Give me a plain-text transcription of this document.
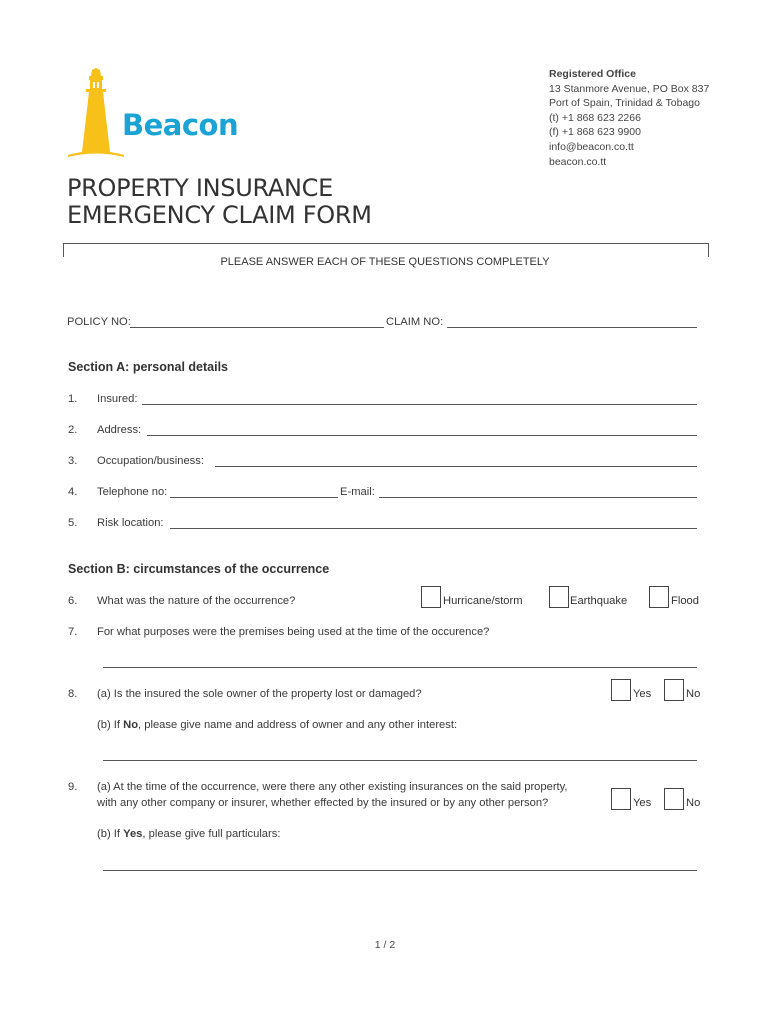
Beacon
Registered Office
13 Stanmore Avenue, PO Box 837
Port of Spain, Trinidad & Tobago
(t) +1 868 623 2266
(f) +1 868 623 9900
info@beacon.co.tt
beacon.co.tt
PROPERTY INSURANCE
EMERGENCY CLAIM FORM
PLEASE ANSWER EACH OF THESE QUESTIONS COMPLETELY
POLICY NO:	CLAIM NO:
Section A: personal details
1. Insured:
2. Address:
3. Occupation/business:
4. Telephone no:	E-mail:
5. Risk location:
Section B: circumstances of the occurrence
6. What was the nature of the occurrence?	Hurricane/storm	Earthquake	Flood
7. For what purposes were the premises being used at the time of the occurence?
8. (a) Is the insured the sole owner of the property lost or damaged?	Yes	No
(b) If No, please give name and address of owner and any other interest:
9. (a) At the time of the occurrence, were there any other existing insurances on the said property,
with any other company or insurer, whether effected by the insured or by any other person?	Yes	No
(b) If Yes, please give full particulars:
1 / 2
